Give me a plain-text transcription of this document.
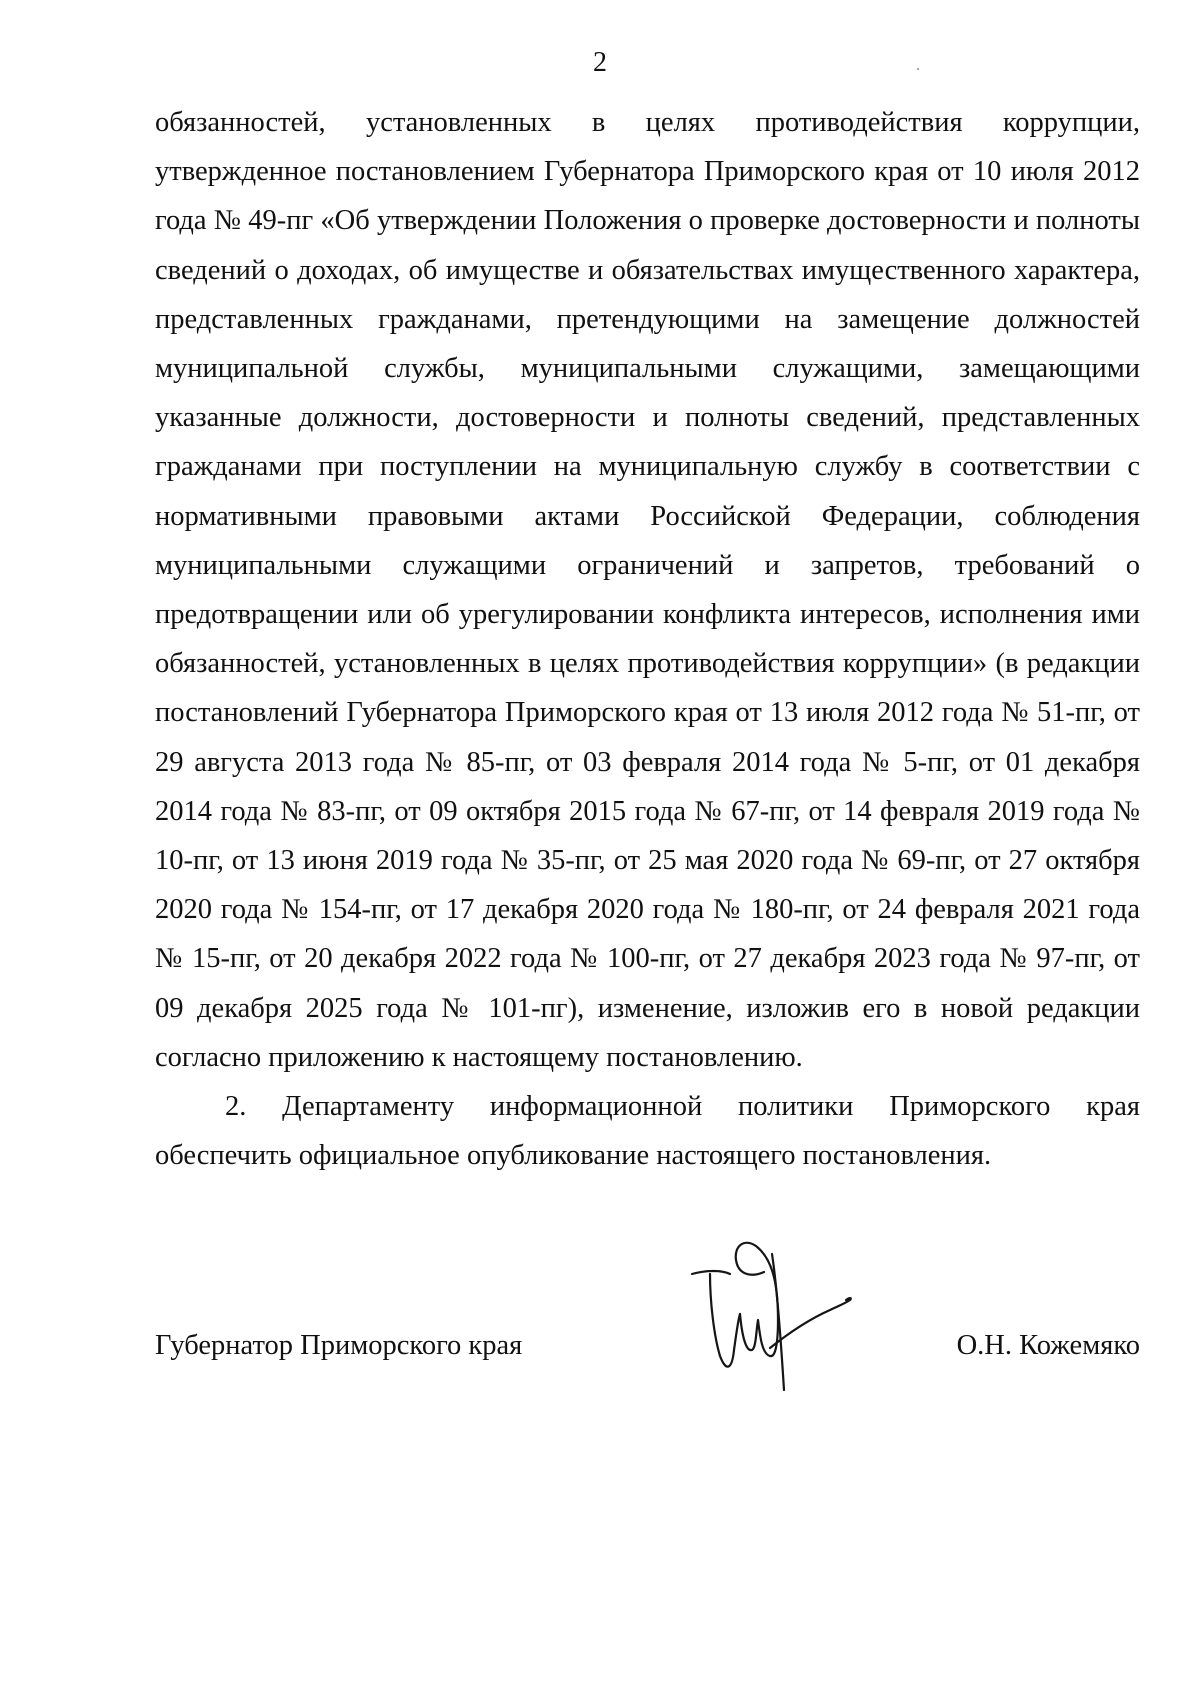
2

обязанностей, установленных в целях противодействия коррупции, утвержденное постановлением Губернатора Приморского края от 10 июля 2012 года № 49-пг «Об утверждении Положения о проверке достоверности и полноты сведений о доходах, об имуществе и обязательствах имущественного характера, представленных гражданами, претендующими на замещение должностей муниципальной службы, муниципальными служащими, замещающими указанные должности, достоверности и полноты сведений, представленных гражданами при поступлении на муниципальную службу в соответствии с нормативными правовыми актами Российской Федерации, соблюдения муниципальными служащими ограничений и запретов, требований о предотвращении или об урегулировании конфликта интересов, исполнения ими обязанностей, установленных в целях противодействия коррупции» (в редакции постановлений Губернатора Приморского края от 13 июля 2012 года № 51-пг, от 29 августа 2013 года № 85-пг, от 03 февраля 2014 года № 5-пг, от 01 декабря 2014 года № 83-пг, от 09 октября 2015 года № 67-пг, от 14 февраля 2019 года № 10-пг, от 13 июня 2019 года № 35-пг, от 25 мая 2020 года № 69-пг, от 27 октября 2020 года № 154-пг, от 17 декабря 2020 года № 180-пг, от 24 февраля 2021 года № 15-пг, от 20 декабря 2022 года № 100-пг, от 27 декабря 2023 года № 97-пг, от 09 декабря 2025 года № 101-пг), изменение, изложив его в новой редакции согласно приложению к настоящему постановлению.

2. Департаменту информационной политики Приморского края обеспечить официальное опубликование настоящего постановления.

Губернатор Приморского края	О.Н. Кожемяко
